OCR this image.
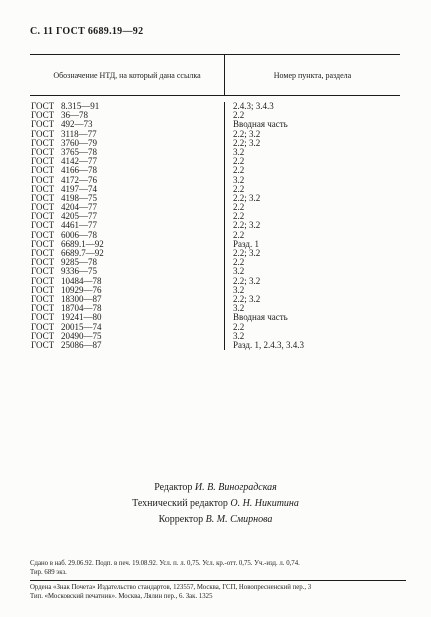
С. 11 ГОСТ 6689.19—92
Обозначение НТД, на который дана ссылка	Номер пункта, раздела
ГОСТ 8.315—91
ГОСТ 36—78
ГОСТ 492—73
ГОСТ 3118—77
ГОСТ 3760—79
ГОСТ 3765—78
ГОСТ 4142—77
ГОСТ 4166—78
ГОСТ 4172—76
ГОСТ 4197—74
ГОСТ 4198—75
ГОСТ 4204—77
ГОСТ 4205—77
ГОСТ 4461—77
ГОСТ 6006—78
ГОСТ 6689.1—92
ГОСТ 6689.7—92
ГОСТ 9285—78
ГОСТ 9336—75
ГОСТ 10484—78
ГОСТ 10929—76
ГОСТ 18300—87
ГОСТ 18704—78
ГОСТ 19241—80
ГОСТ 20015—74
ГОСТ 20490—75
ГОСТ 25086—87
2.4.3; 3.4.3
2.2
Вводная часть
2.2; 3.2
2.2; 3.2
3.2
2.2
2.2
3.2
2.2
2.2; 3.2
2.2
2.2
2.2; 3.2
2.2
Разд. 1
2.2; 3.2
2.2
3.2
2.2; 3.2
3.2
2.2; 3.2
3.2
Вводная часть
2.2
3.2
Разд. 1, 2.4.3, 3.4.3
Редактор И. В. Виноградская
Технический редактор О. Н. Никитина
Корректор В. М. Смирнова
Сдано в наб. 29.06.92. Подп. в печ. 19.08.92. Усл. п. л. 0,75. Усл. кр.-отт. 0,75. Уч.-изд. л. 0,74.
Тир. 689 экз.
Ордена «Знак Почета» Издательство стандартов, 123557, Москва, ГСП, Новопресненский пер., 3
Тип. «Московский печатник». Москва, Лялин пер., 6. Зак. 1325
